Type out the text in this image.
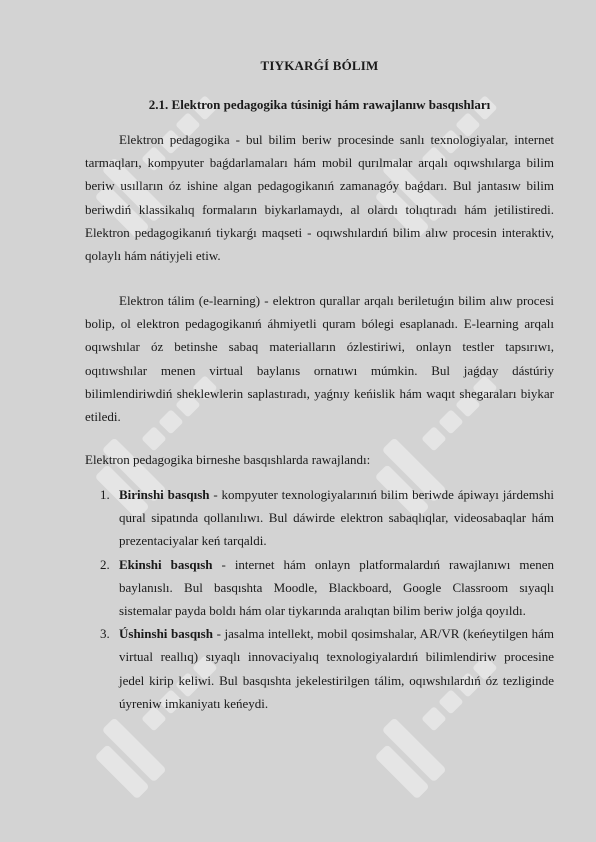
TIYKARǴÍ BÓLIM
2.1. Elektron pedagogika túsinigi hám rawajlanıw basqıshları

Elektron pedagogika - bul bilim beriw procesinde sanlı texnologiyalar, internet tarmaqları, kompyuter baǵdarlamaları hám mobil qurılmalar arqalı oqıwshılarga bilim beriw usılların óz ishine algan pedagogikanıń zamanagóy baǵdarı. Bul jantasıw bilim beriwdiń klassikalıq formaların biykarlamaydı, al olardı tolıqtıradı hám jetilistiredi. Elektron pedagogikanıń tiykarǵı maqseti - oqıwshılardıń bilim alıw procesin interaktiv, qolaylı hám nátiyjeli etiw.

Elektron tálim (e-learning) - elektron qurallar arqalı beriletuǵın bilim alıw procesi bolip, ol elektron pedagogikanıń áhmiyetli quram bólegi esaplanadı. E-learning arqalı oqıwshılar óz betinshe sabaq materialların ózlestiriwi, onlayn testler tapsırıwı, oqıtıwshılar menen virtual baylanıs ornatıwı múmkin. Bul jaǵday dástúriy bilimlendiriwdiń sheklewlerin saplastıradı, yaǵnıy keńislik hám waqıt shegaraları biykar etiledi.

Elektron pedagogika birneshe basqıshlarda rawajlandı:

1. Birinshi basqısh - kompyuter texnologiyalarınıń bilim beriwde ápiwayı járdemshi qural sipatında qollanılıwı. Bul dáwirde elektron sabaqlıqlar, videosabaqlar hám prezentaciyalar keń tarqaldi.
2. Ekinshi basqısh - internet hám onlayn platformalardıń rawajlanıwı menen baylanıslı. Bul basqıshta Moodle, Blackboard, Google Classroom sıyaqlı sistemalar payda boldı hám olar tiykarında aralıqtan bilim beriw jolǵa qoyıldı.
3. Úshinshi basqısh - jasalma intellekt, mobil qosimshalar, AR/VR (keńeytilgen hám virtual reallıq) sıyaqlı innovaciyalıq texnologiyalardıń bilimlendiriw procesine jedel kirip keliwi. Bul basqıshta jekelestirilgen tálim, oqıwshılardıń óz tezliginde úyreniw imkaniyatı keńeydi.
